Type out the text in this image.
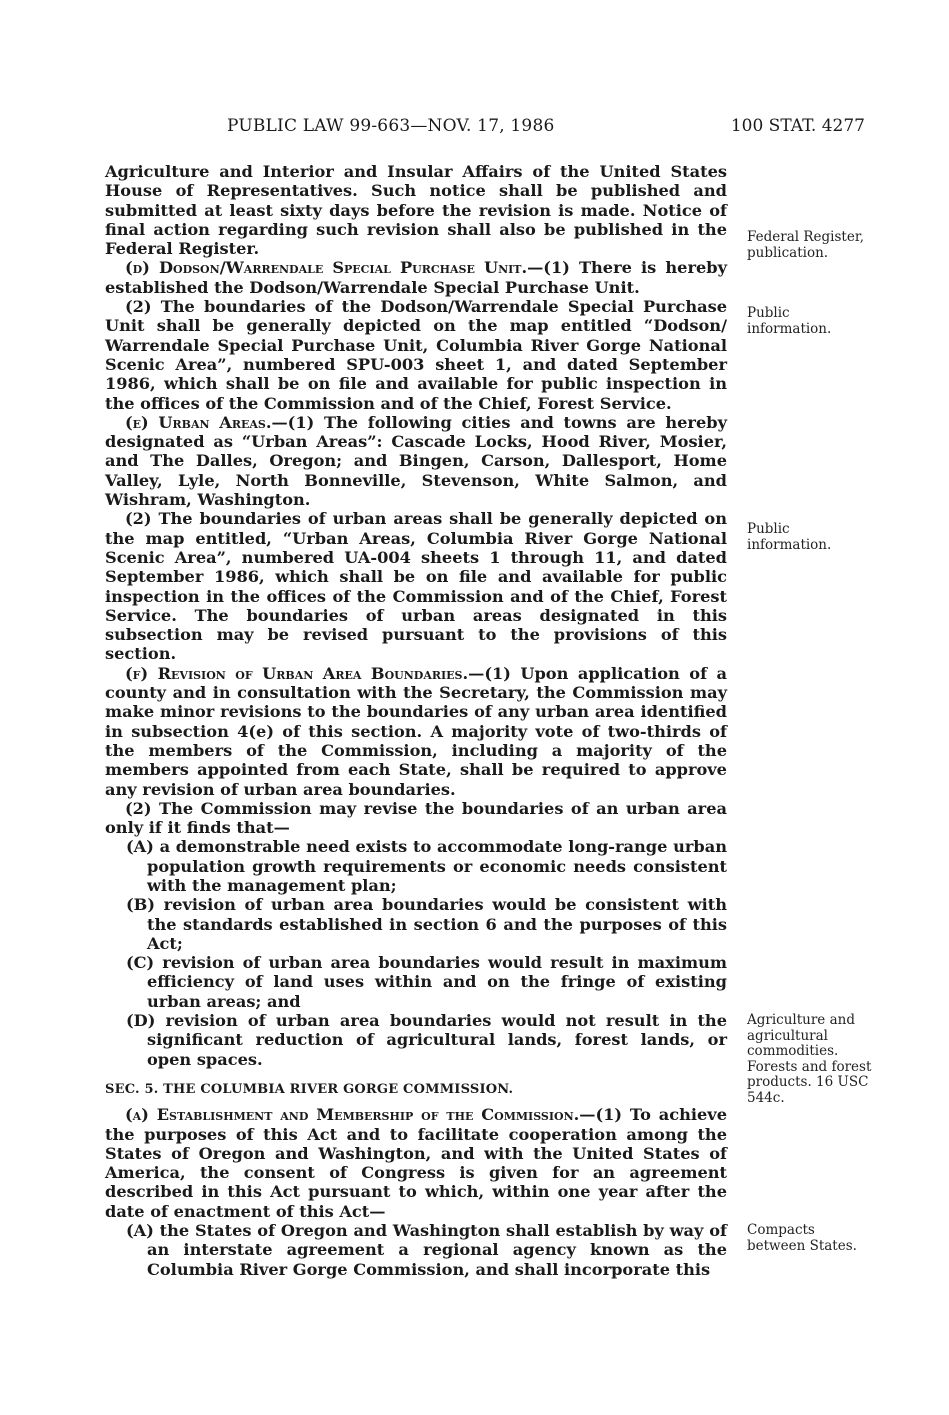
PUBLIC LAW 99-663—NOV. 17, 1986	100 STAT. 4277

Agriculture and Interior and Insular Affairs of the United States House of Representatives. Such notice shall be published and submitted at least sixty days before the revision is made. Notice of final action regarding such revision shall also be published in the Federal Register.

(d) Dodson/Warrendale Special Purchase Unit.—(1) There is hereby established the Dodson/Warrendale Special Purchase Unit.

(2) The boundaries of the Dodson/Warrendale Special Purchase Unit shall be generally depicted on the map entitled “Dodson/ Warrendale Special Purchase Unit, Columbia River Gorge National Scenic Area”, numbered SPU-003 sheet 1, and dated September 1986, which shall be on file and available for public inspection in the offices of the Commission and of the Chief, Forest Service.

(e) Urban Areas.—(1) The following cities and towns are hereby designated as “Urban Areas”: Cascade Locks, Hood River, Mosier, and The Dalles, Oregon; and Bingen, Carson, Dallesport, Home Valley, Lyle, North Bonneville, Stevenson, White Salmon, and Wishram, Washington.

(2) The boundaries of urban areas shall be generally depicted on the map entitled, “Urban Areas, Columbia River Gorge National Scenic Area”, numbered UA-004 sheets 1 through 11, and dated September 1986, which shall be on file and available for public inspection in the offices of the Commission and of the Chief, Forest Service. The boundaries of urban areas designated in this subsection may be revised pursuant to the provisions of this section.

(f) Revision of Urban Area Boundaries.—(1) Upon application of a county and in consultation with the Secretary, the Commission may make minor revisions to the boundaries of any urban area identified in subsection 4(e) of this section. A majority vote of two-thirds of the members of the Commission, including a majority of the members appointed from each State, shall be required to approve any revision of urban area boundaries.

(2) The Commission may revise the boundaries of an urban area only if it finds that—

(A) a demonstrable need exists to accommodate long-range urban population growth requirements or economic needs consistent with the management plan;

(B) revision of urban area boundaries would be consistent with the standards established in section 6 and the purposes of this Act;

(C) revision of urban area boundaries would result in maximum efficiency of land uses within and on the fringe of existing urban areas; and

(D) revision of urban area boundaries would not result in the significant reduction of agricultural lands, forest lands, or open spaces.

SEC. 5. THE COLUMBIA RIVER GORGE COMMISSION.

(a) Establishment and Membership of the Commission.—(1) To achieve the purposes of this Act and to facilitate cooperation among the States of Oregon and Washington, and with the United States of America, the consent of Congress is given for an agreement described in this Act pursuant to which, within one year after the date of enactment of this Act—

(A) the States of Oregon and Washington shall establish by way of an interstate agreement a regional agency known as the Columbia River Gorge Commission, and shall incorporate this

Federal Register, publication.
Public information.
Public information.
Agriculture and agricultural commodities. Forests and forest products. 16 USC 544c.
Compacts between States.
